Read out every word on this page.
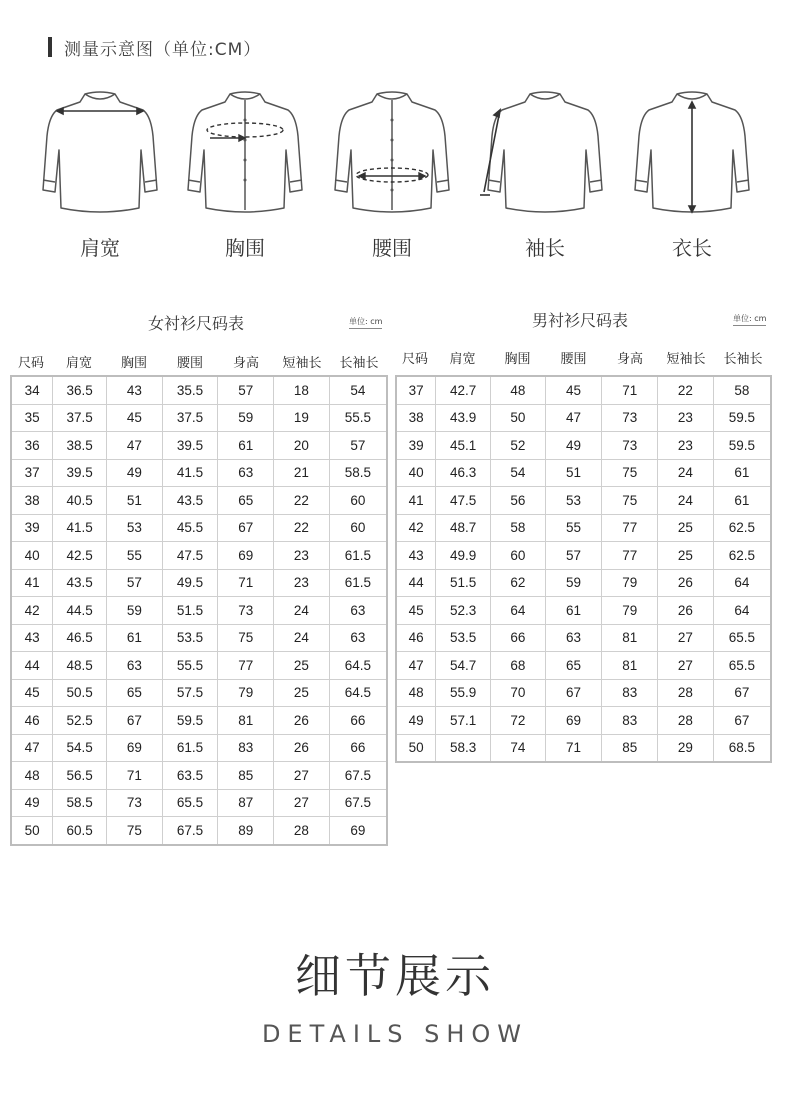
测量示意图（单位:CM）
肩宽	胸围	腰围	袖长	衣长
女衬衫尺码表	单位: cm
尺码	肩宽	胸围	腰围	身高	短袖长	长袖长
34	36.5	43	35.5	57	18	54
35	37.5	45	37.5	59	19	55.5
36	38.5	47	39.5	61	20	57
37	39.5	49	41.5	63	21	58.5
38	40.5	51	43.5	65	22	60
39	41.5	53	45.5	67	22	60
40	42.5	55	47.5	69	23	61.5
41	43.5	57	49.5	71	23	61.5
42	44.5	59	51.5	73	24	63
43	46.5	61	53.5	75	24	63
44	48.5	63	55.5	77	25	64.5
45	50.5	65	57.5	79	25	64.5
46	52.5	67	59.5	81	26	66
47	54.5	69	61.5	83	26	66
48	56.5	71	63.5	85	27	67.5
49	58.5	73	65.5	87	27	67.5
50	60.5	75	67.5	89	28	69
男衬衫尺码表	单位: cm
尺码	肩宽	胸围	腰围	身高	短袖长	长袖长
37	42.7	48	45	71	22	58
38	43.9	50	47	73	23	59.5
39	45.1	52	49	73	23	59.5
40	46.3	54	51	75	24	61
41	47.5	56	53	75	24	61
42	48.7	58	55	77	25	62.5
43	49.9	60	57	77	25	62.5
44	51.5	62	59	79	26	64
45	52.3	64	61	79	26	64
46	53.5	66	63	81	27	65.5
47	54.7	68	65	81	27	65.5
48	55.9	70	67	83	28	67
49	57.1	72	69	83	28	67
50	58.3	74	71	85	29	68.5
细节展示
DETAILS SHOW
